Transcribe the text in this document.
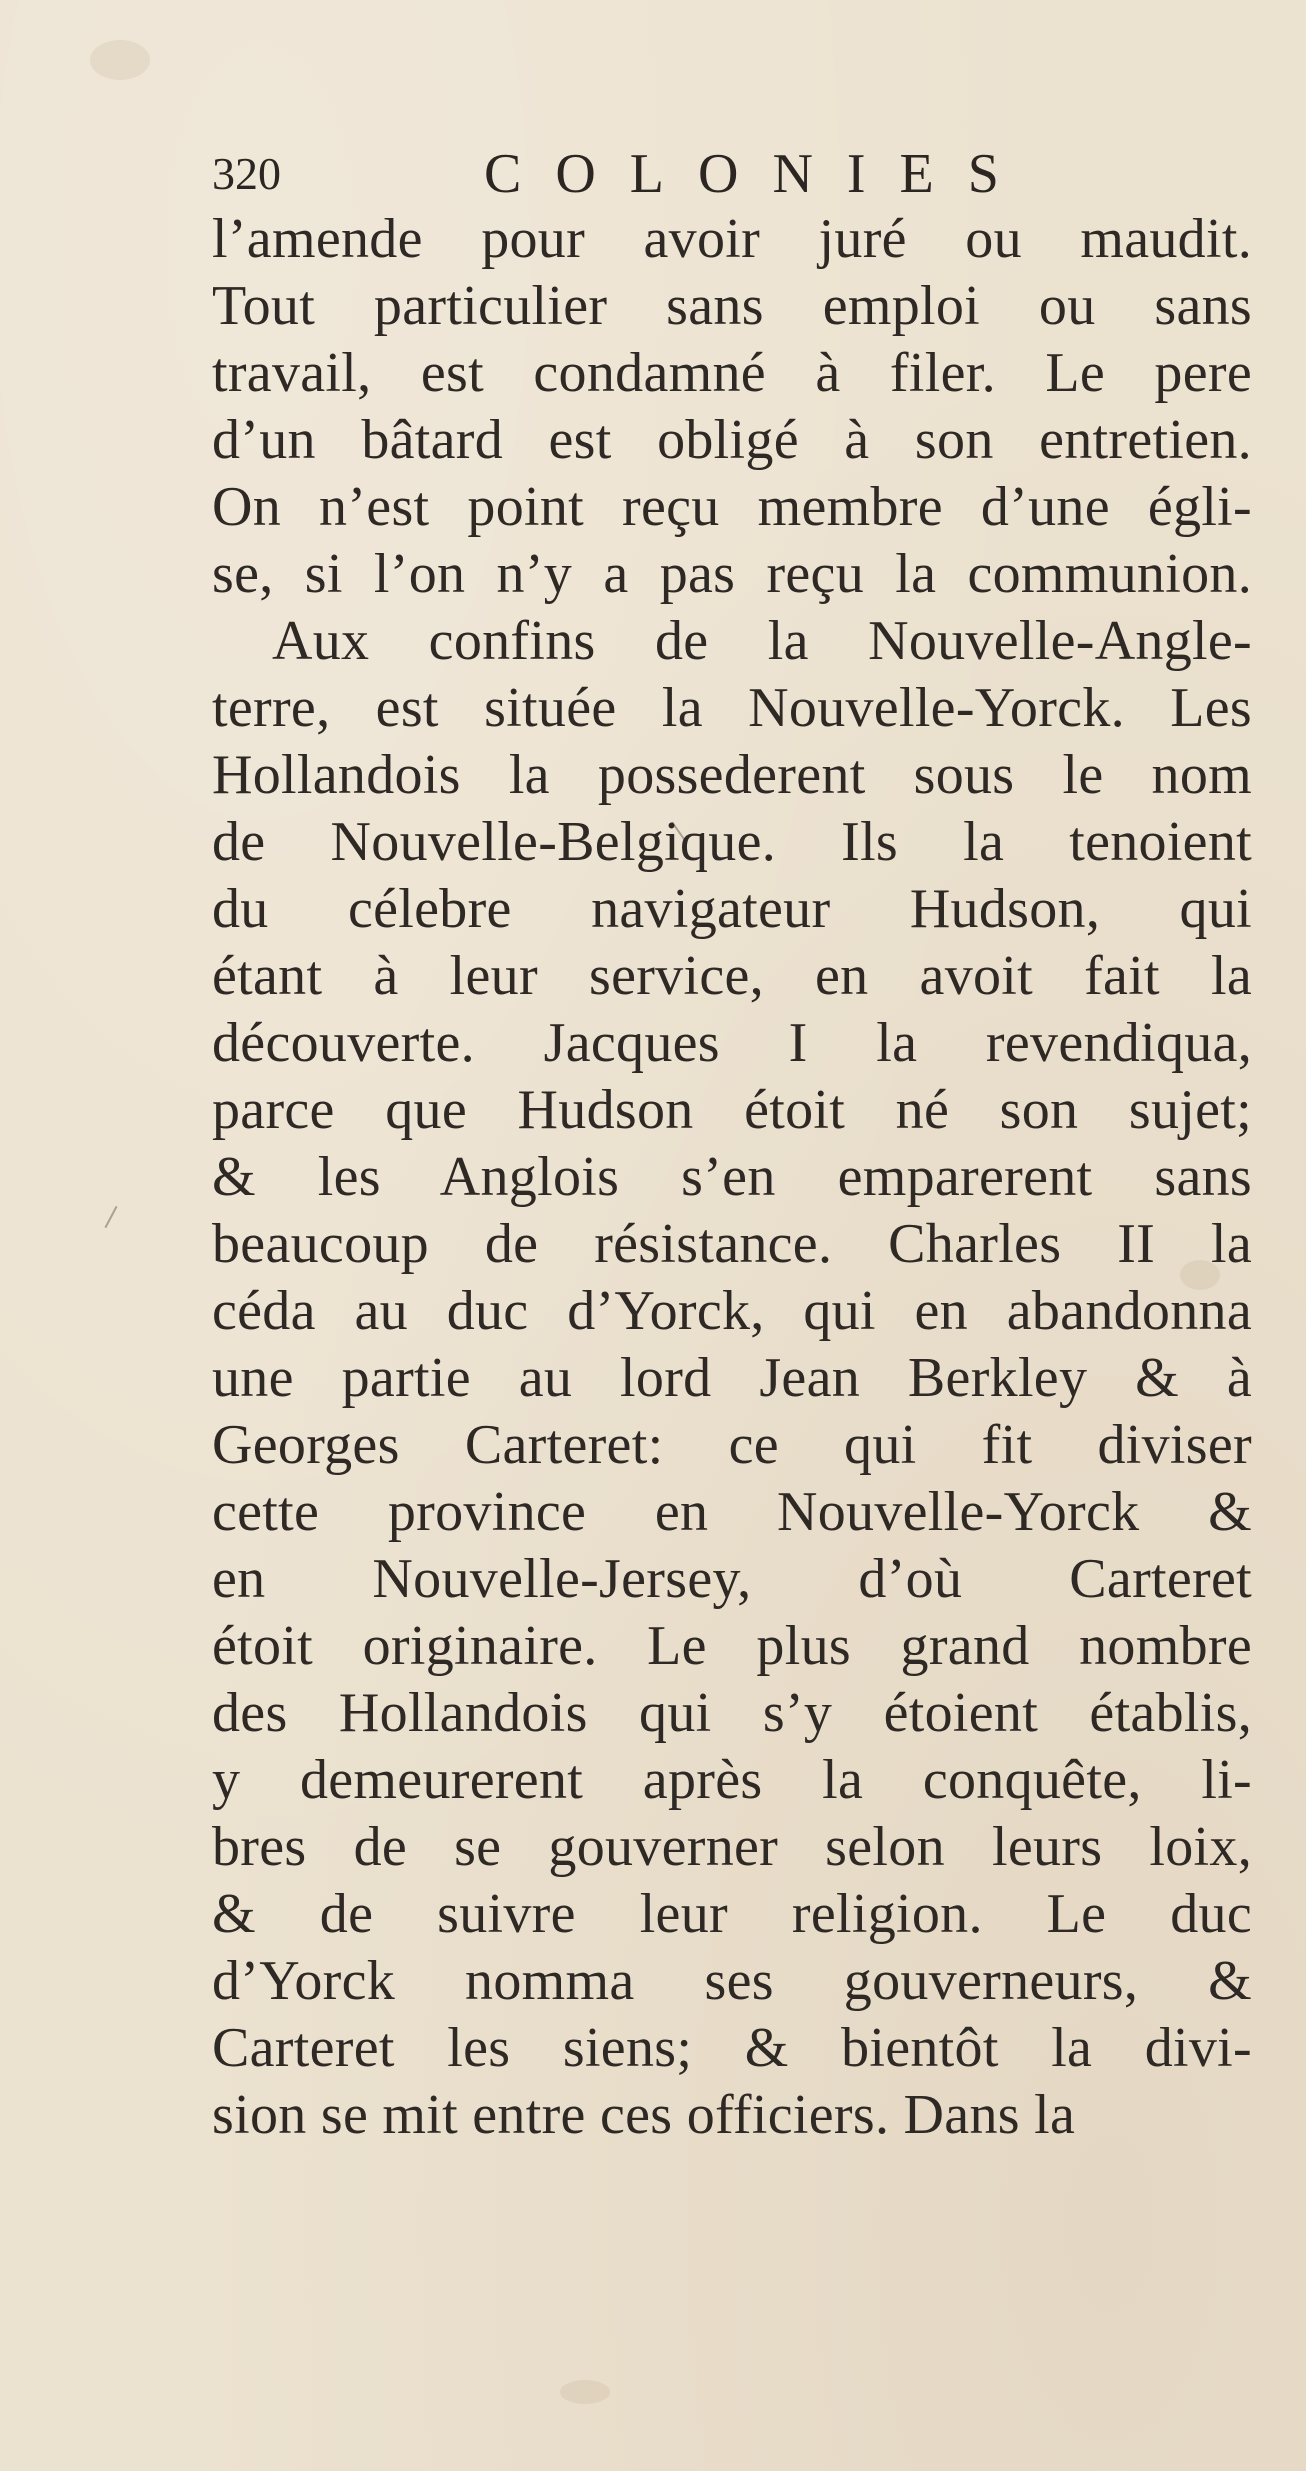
320	COLONIES
l’amende pour avoir juré ou maudit.
Tout particulier sans emploi ou sans
travail, est condamné à filer. Le pere
d’un bâtard est obligé à son entretien.
On n’est point reçu membre d’une égli-
se, si l’on n’y a pas reçu la communion.
Aux confins de la Nouvelle-Angle-
terre, est située la Nouvelle-Yorck. Les
Hollandois la possederent sous le nom
de Nouvelle-Belgique. Ils la tenoient
du célebre navigateur Hudson, qui
étant à leur service, en avoit fait la
découverte. Jacques I la revendiqua,
parce que Hudson étoit né son sujet;
& les Anglois s’en emparerent sans
beaucoup de résistance. Charles II la
céda au duc d’Yorck, qui en abandonna
une partie au lord Jean Berkley & à
Georges Carteret: ce qui fit diviser
cette province en Nouvelle-Yorck &
en Nouvelle-Jersey, d’où Carteret
étoit originaire. Le plus grand nombre
des Hollandois qui s’y étoient établis,
y demeurerent après la conquête, li-
bres de se gouverner selon leurs loix,
& de suivre leur religion. Le duc
d’Yorck nomma ses gouverneurs, &
Carteret les siens; & bientôt la divi-
sion se mit entre ces officiers. Dans la
